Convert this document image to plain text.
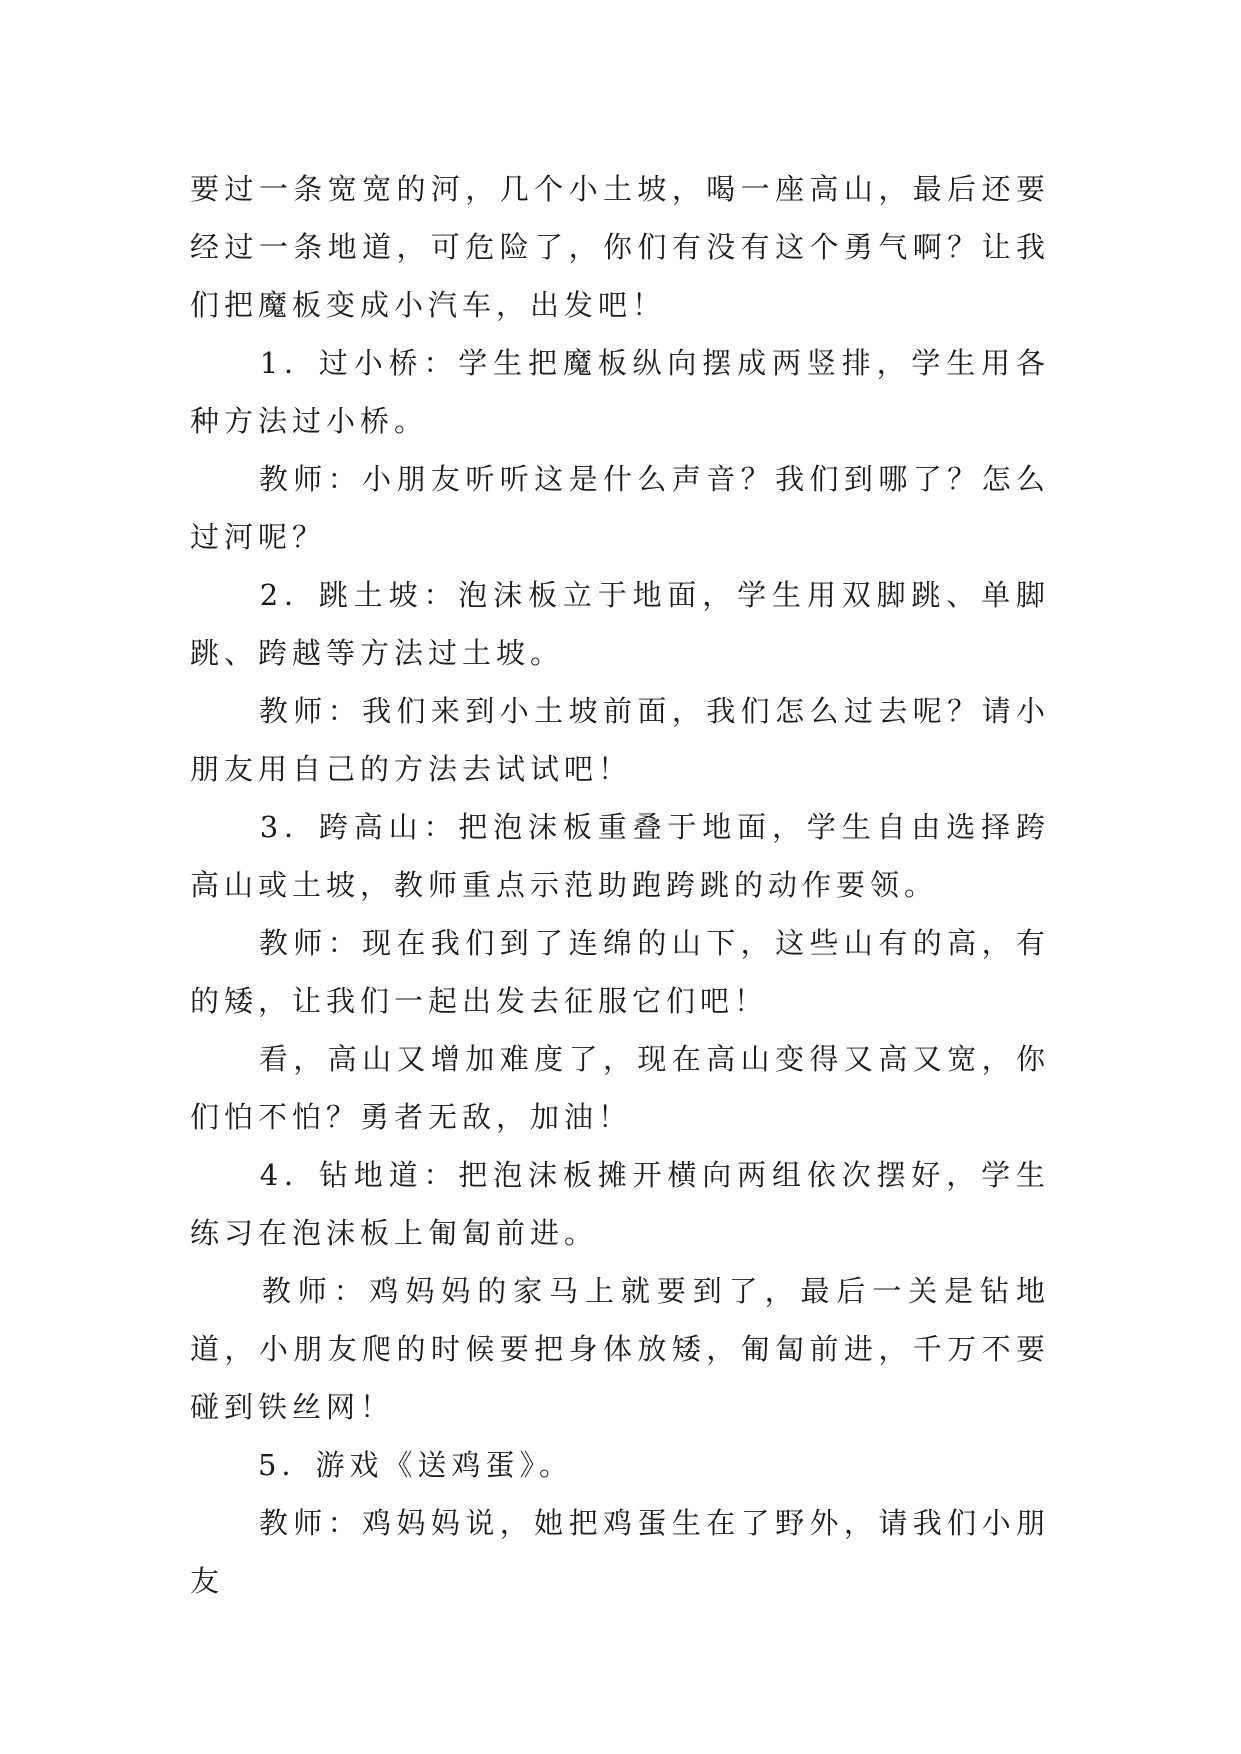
要过一条宽宽的河，几个小土坡，喝一座高山，最后还要经过一条地道，可危险了，你们有没有这个勇气啊？让我们把魔板变成小汽车，出发吧！

　　1．过小桥：学生把魔板纵向摆成两竖排，学生用各种方法过小桥。

　　教师：小朋友听听这是什么声音？我们到哪了？怎么过河呢？

　　2．跳土坡：泡沫板立于地面，学生用双脚跳、单脚跳、跨越等方法过土坡。

　　教师：我们来到小土坡前面，我们怎么过去呢？请小朋友用自己的方法去试试吧！

　　3．跨高山：把泡沫板重叠于地面，学生自由选择跨高山或土坡，教师重点示范助跑跨跳的动作要领。

　　教师：现在我们到了连绵的山下，这些山有的高，有的矮，让我们一起出发去征服它们吧！

　　看，高山又增加难度了，现在高山变得又高又宽，你们怕不怕？勇者无敌，加油！

　　4．钻地道：把泡沫板摊开横向两组依次摆好，学生练习在泡沫板上匍匐前进。

　　教师：鸡妈妈的家马上就要到了，最后一关是钻地道，小朋友爬的时候要把身体放矮，匍匐前进，千万不要碰到铁丝网！

　　5．游戏《送鸡蛋》。

　　教师：鸡妈妈说，她把鸡蛋生在了野外，请我们小朋友
